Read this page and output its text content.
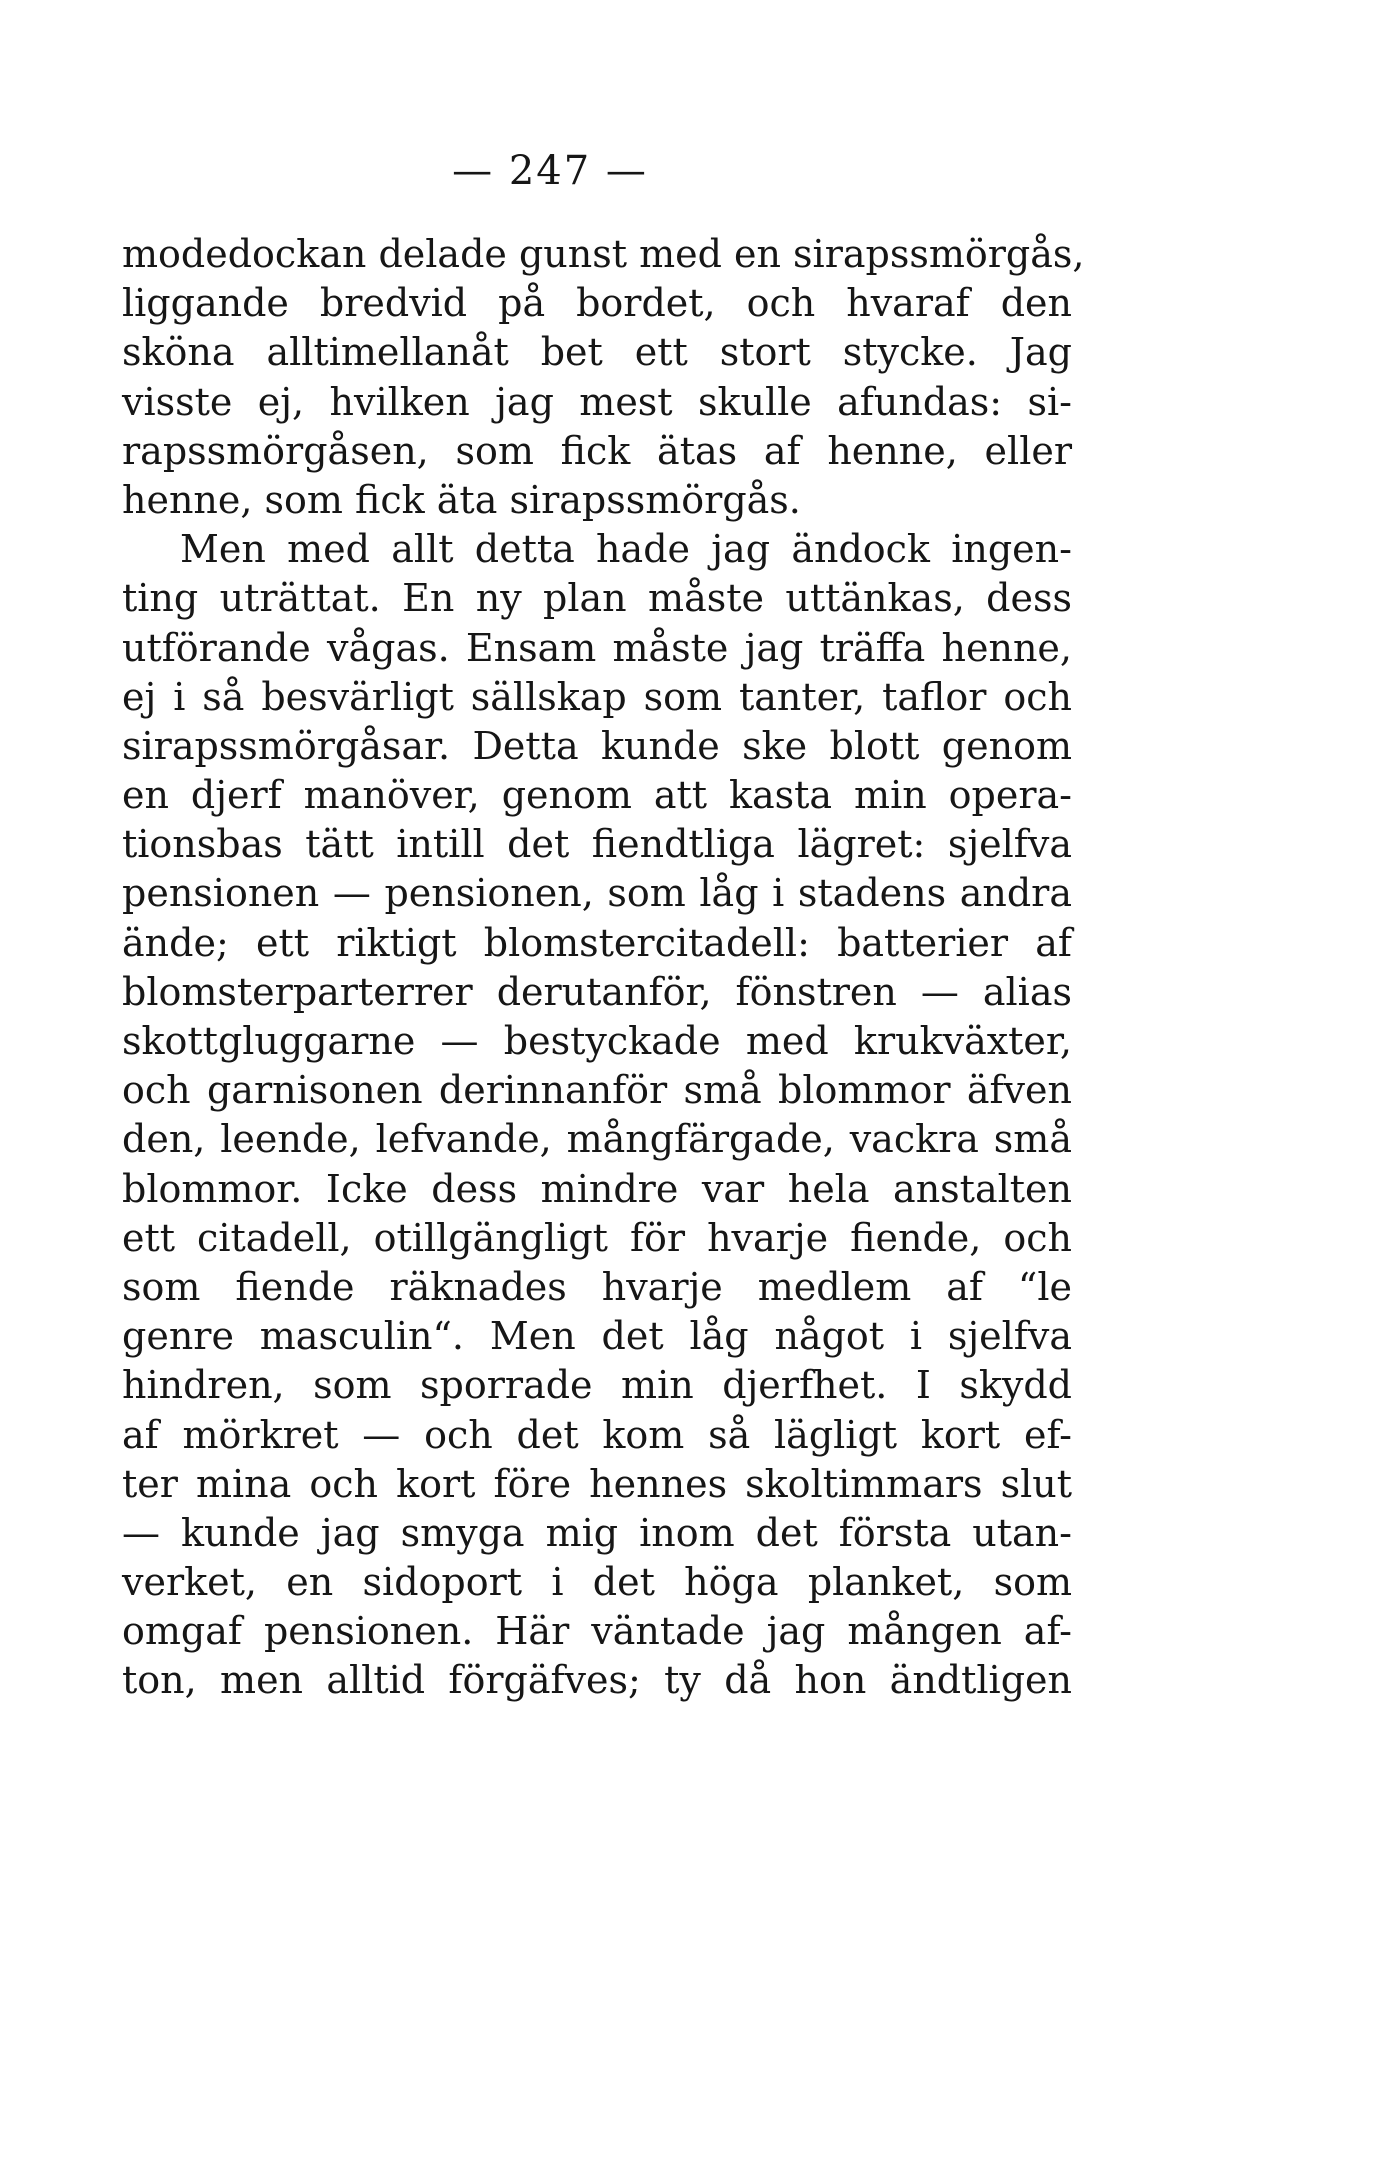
— 247 —
modedockan delade gunst med en sirapssmörgås,
liggande bredvid på bordet, och hvaraf den
sköna alltimellanåt bet ett stort stycke. Jag
visste ej, hvilken jag mest skulle afundas: si-
rapssmörgåsen, som fick ätas af henne, eller
henne, som fick äta sirapssmörgås.
Men med allt detta hade jag ändock ingen-
ting uträttat. En ny plan måste uttänkas, dess
utförande vågas. Ensam måste jag träffa henne,
ej i så besvärligt sällskap som tanter, taflor och
sirapssmörgåsar. Detta kunde ske blott genom
en djerf manöver, genom att kasta min opera-
tionsbas tätt intill det fiendtliga lägret: sjelfva
pensionen — pensionen, som låg i stadens andra
ände; ett riktigt blomstercitadell: batterier af
blomsterparterrer derutanför, fönstren — alias
skottgluggarne — bestyckade med krukväxter,
och garnisonen derinnanför små blommor äfven
den, leende, lefvande, mångfärgade, vackra små
blommor. Icke dess mindre var hela anstalten
ett citadell, otillgängligt för hvarje fiende, och
som fiende räknades hvarje medlem af “le
genre masculin“. Men det låg något i sjelfva
hindren, som sporrade min djerfhet. I skydd
af mörkret — och det kom så lägligt kort ef-
ter mina och kort före hennes skoltimmars slut
— kunde jag smyga mig inom det första utan-
verket, en sidoport i det höga planket, som
omgaf pensionen. Här väntade jag mången af-
ton, men alltid förgäfves; ty då hon ändtligen
